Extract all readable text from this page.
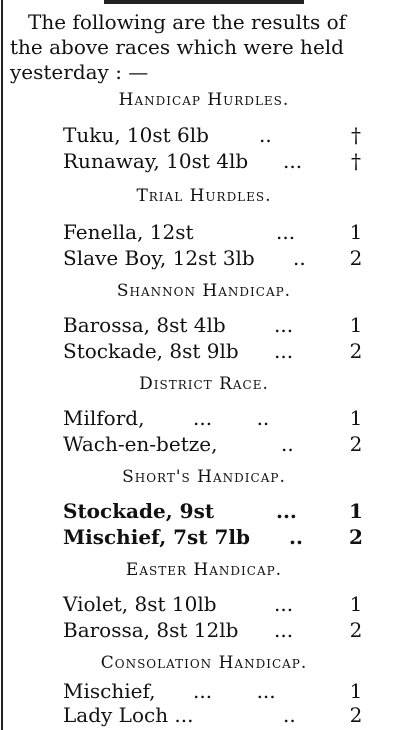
The following are the results of
the above races which were held
yesterday : —
Handicap Hurdles.
Tuku, 10st 6lb	..	†
Runaway, 10st 4lb ... †
Trial Hurdles.
Fenella, 12st	...	1
Slave Boy, 12st 3lb .. 2
Shannon Handicap.
Barossa, 8st 4lb ...	1
Stockade, 8st 9lb ...	2
District Race.
Milford, ...       ..	1
Wach-en-betze,	..	2
Short's Handicap.
Stockade, 9st	...	1
Mischief, 7st 7lb .. 2
Easter Handicap.
Violet, 8st 10lb	...	1
Barossa, 8st 12lb ...	2
Consolation Handicap.
Mischief, ...       ...	1
Lady Loch ...	..	2
